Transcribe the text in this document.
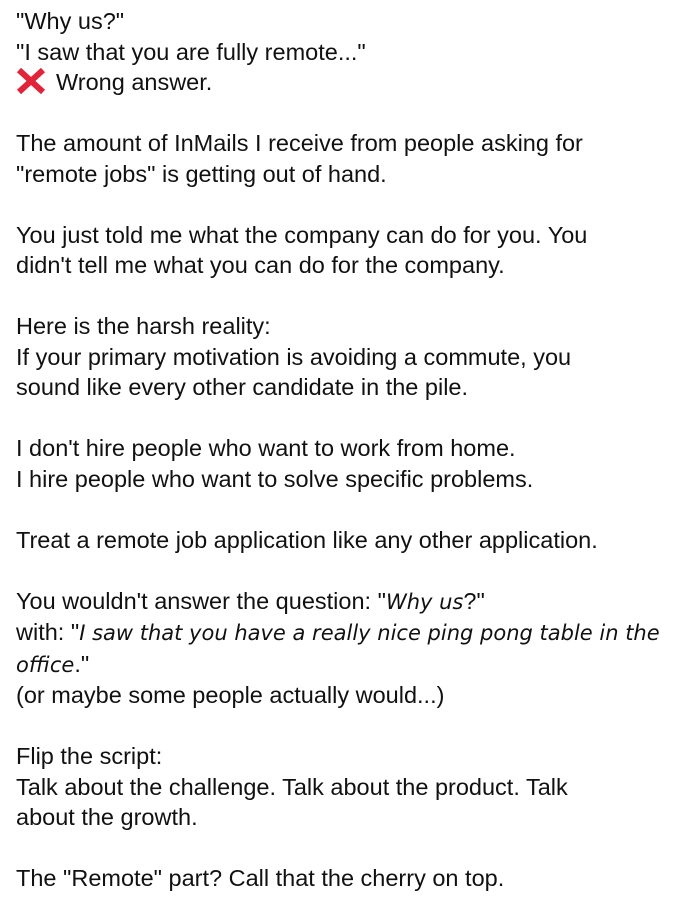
"Why us?"
"I saw that you are fully remote..."
Wrong answer.
The amount of InMails I receive from people asking for
"remote jobs" is getting out of hand.
You just told me what the company can do for you. You
didn't tell me what you can do for the company.
Here is the harsh reality:
If your primary motivation is avoiding a commute, you
sound like every other candidate in the pile.
I don't hire people who want to work from home.
I hire people who want to solve specific problems.
Treat a remote job application like any other application.
You wouldn't answer the question: "Why us?"
with: "I saw that you have a really nice ping pong table in the
office."
(or maybe some people actually would...)
Flip the script:
Talk about the challenge. Talk about the product. Talk
about the growth.
The "Remote" part? Call that the cherry on top.
